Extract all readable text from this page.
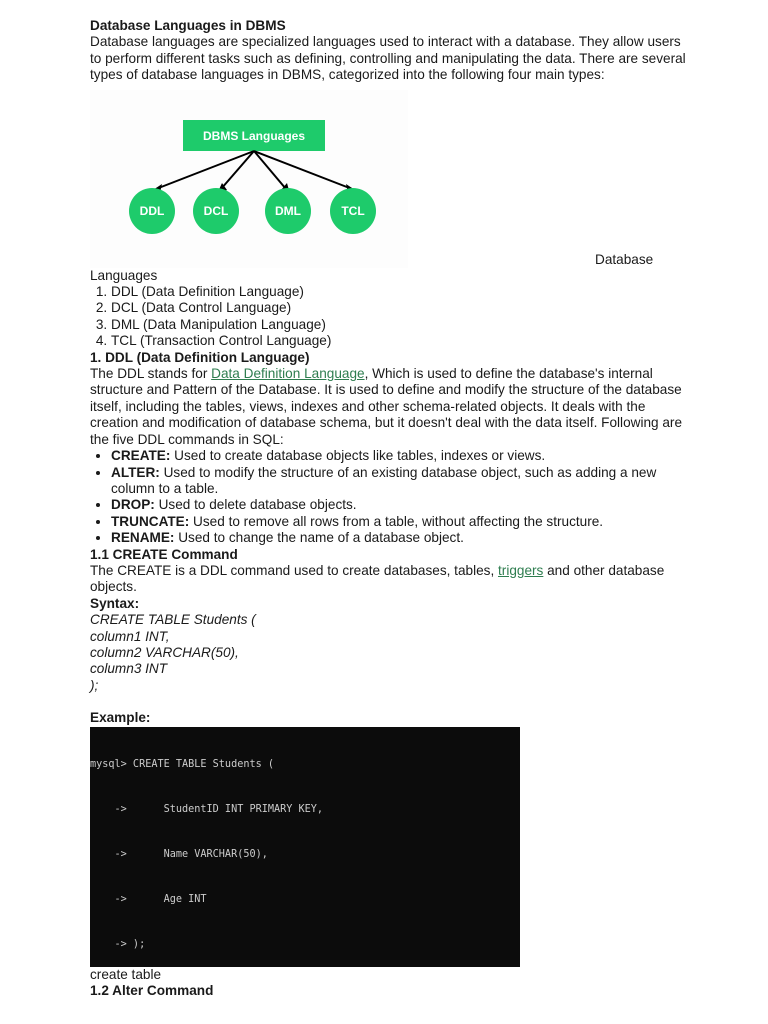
Database Languages in DBMS

Database languages are specialized languages used to interact with a database. They allow users to perform different tasks such as defining, controlling and manipulating the data. There are several types of database languages in DBMS, categorized into the following four main types:

DBMS Languages
DDL	DCL	DML	TCL
Database
Languages
1. DDL (Data Definition Language)
2. DCL (Data Control Language)
3. DML (Data Manipulation Language)
4. TCL (Transaction Control Language)
1. DDL (Data Definition Language)

The DDL stands for Data Definition Language, Which is used to define the database's internal structure and Pattern of the Database. It is used to define and modify the structure of the database itself, including the tables, views, indexes and other schema-related objects. It deals with the creation and modification of database schema, but it doesn't deal with the data itself. Following are the five DDL commands in SQL:

• CREATE: Used to create database objects like tables, indexes or views.
• ALTER: Used to modify the structure of an existing database object, such as adding a new column to a table.
• DROP: Used to delete database objects.
• TRUNCATE: Used to remove all rows from a table, without affecting the structure.
• RENAME: Used to change the name of a database object.
1.1 CREATE Command

The CREATE is a DDL command used to create databases, tables, triggers and other database objects.

Syntax:
CREATE TABLE Students (
column1 INT,
column2 VARCHAR(50),
column3 INT
);
Example:

mysql> CREATE TABLE Students (

->      StudentID INT PRIMARY KEY,

->      Name VARCHAR(50),

->      Age INT

-> );

create table
1.2 Alter Command
